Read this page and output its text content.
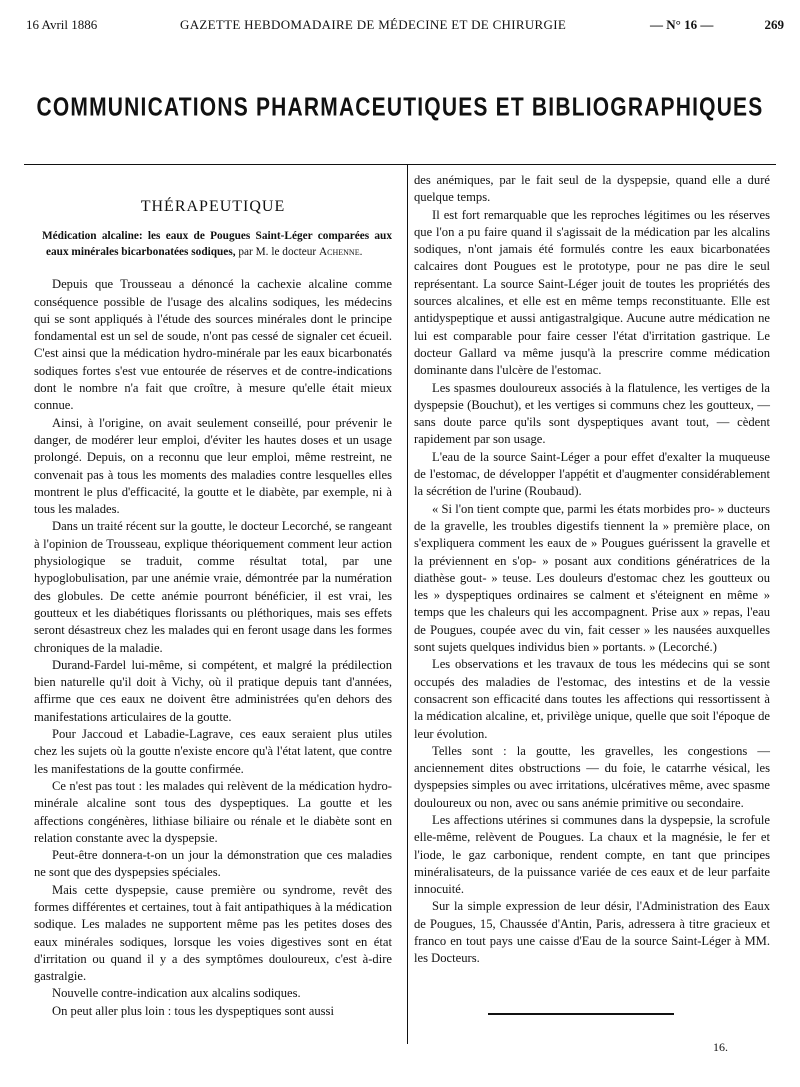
16 Avril 1886	GAZETTE HEBDOMADAIRE DE MÉDECINE ET DE CHIRURGIE	— N° 16 —	269
COMMUNICATIONS PHARMACEUTIQUES ET BIBLIOGRAPHIQUES
THÉRAPEUTIQUE
Médication alcaline: les eaux de Pougues Saint-Léger comparées aux eaux minérales bicarbonatées sodiques, par M. le docteur Achenne.

Depuis que Trousseau a dénoncé la cachexie alcaline comme conséquence possible de l'usage des alcalins sodiques, les médecins qui se sont appliqués à l'étude des sources minérales dont le principe fondamental est un sel de soude, n'ont pas cessé de signaler cet écueil. C'est ainsi que la médication hydro-minérale par les eaux bicarbonatés sodiques fortes s'est vue entourée de réserves et de contre-indications dont le nombre n'a fait que croître, à mesure qu'elle était mieux connue.

Ainsi, à l'origine, on avait seulement conseillé, pour prévenir le danger, de modérer leur emploi, d'éviter les hautes doses et un usage prolongé. Depuis, on a reconnu que leur emploi, même restreint, ne convenait pas à tous les moments des maladies contre lesquelles elles montrent le plus d'efficacité, la goutte et le diabète, par exemple, ni à tous les malades.

Dans un traité récent sur la goutte, le docteur Lecorché, se rangeant à l'opinion de Trousseau, explique théoriquement comment leur action physiologique se traduit, comme résultat total, par une hypoglobulisation, par une anémie vraie, démontrée par la numération des globules. De cette anémie pourront bénéficier, il est vrai, les goutteux et les diabétiques florissants ou pléthoriques, mais ses effets seront désastreux chez les malades qui en feront usage dans les formes chroniques de la maladie.

Durand-Fardel lui-même, si compétent, et malgré la prédilection bien naturelle qu'il doit à Vichy, où il pratique depuis tant d'années, affirme que ces eaux ne doivent être administrées qu'en dehors des manifestations articulaires de la goutte.

Pour Jaccoud et Labadie-Lagrave, ces eaux seraient plus utiles chez les sujets où la goutte n'existe encore qu'à l'état latent, que contre les manifestations de la goutte confirmée.

Ce n'est pas tout : les malades qui relèvent de la médication hydro-minérale alcaline sont tous des dyspeptiques. La goutte et les affections congénères, lithiase biliaire ou rénale et le diabète sont en relation constante avec la dyspepsie.

Peut-être donnera-t-on un jour la démonstration que ces maladies ne sont que des dyspepsies spéciales.

Mais cette dyspepsie, cause première ou syndrome, revêt des formes différentes et certaines, tout à fait antipathiques à la médication sodique. Les malades ne supportent même pas les petites doses des eaux minérales sodiques, lorsque les voies digestives sont en état d'irritation ou quand il y a des symptômes douloureux, c'est à-dire gastralgie.

Nouvelle contre-indication aux alcalins sodiques.

On peut aller plus loin : tous les dyspeptiques sont aussi

des anémiques, par le fait seul de la dyspepsie, quand elle a duré quelque temps.

Il est fort remarquable que les reproches légitimes ou les réserves que l'on a pu faire quand il s'agissait de la médication par les alcalins sodiques, n'ont jamais été formulés contre les eaux bicarbonatées calcaires dont Pougues est le prototype, pour ne pas dire le seul représentant. La source Saint-Léger jouit de toutes les propriétés des sources alcalines, et elle est en même temps reconstituante. Elle est antidyspeptique et aussi antigastralgique. Aucune autre médication ne lui est comparable pour faire cesser l'état d'irritation gastrique. Le docteur Gallard va même jusqu'à la prescrire comme médication dominante dans l'ulcère de l'estomac.

Les spasmes douloureux associés à la flatulence, les vertiges de la dyspepsie (Bouchut), et les vertiges si communs chez les goutteux, — sans doute parce qu'ils sont dyspeptiques avant tout, — cèdent rapidement par son usage.

L'eau de la source Saint-Léger a pour effet d'exalter la muqueuse de l'estomac, de développer l'appétit et d'augmenter considérablement la sécrétion de l'urine (Roubaud).

« Si l'on tient compte que, parmi les états morbides pro- » ducteurs de la gravelle, les troubles digestifs tiennent la » première place, on s'expliquera comment les eaux de » Pougues guérissent la gravelle et la préviennent en s'op- » posant aux conditions génératrices de la diathèse gout- » teuse. Les douleurs d'estomac chez les goutteux ou les » dyspeptiques ordinaires se calment et s'éteignent en même » temps que les chaleurs qui les accompagnent. Prise aux » repas, l'eau de Pougues, coupée avec du vin, fait cesser » les nausées auxquelles sont sujets quelques individus bien » portants. » (Lecorché.)

Les observations et les travaux de tous les médecins qui se sont occupés des maladies de l'estomac, des intestins et de la vessie consacrent son efficacité dans toutes les affections qui ressortissent à la médication alcaline, et, privilège unique, quelle que soit l'époque de leur évolution.

Telles sont : la goutte, les gravelles, les congestions — anciennement dites obstructions — du foie, le catarrhe vésical, les dyspepsies simples ou avec irritations, ulcératives même, avec spasme douloureux ou non, avec ou sans anémie primitive ou secondaire.

Les affections utérines si communes dans la dyspepsie, la scrofule elle-même, relèvent de Pougues. La chaux et la magnésie, le fer et l'iode, le gaz carbonique, rendent compte, en tant que principes minéralisateurs, de la puissance variée de ces eaux et de leur parfaite innocuité.

Sur la simple expression de leur désir, l'Administration des Eaux de Pougues, 15, Chaussée d'Antin, Paris, adressera à titre gracieux et franco en tout pays une caisse d'Eau de la source Saint-Léger à MM. les Docteurs.

16.
